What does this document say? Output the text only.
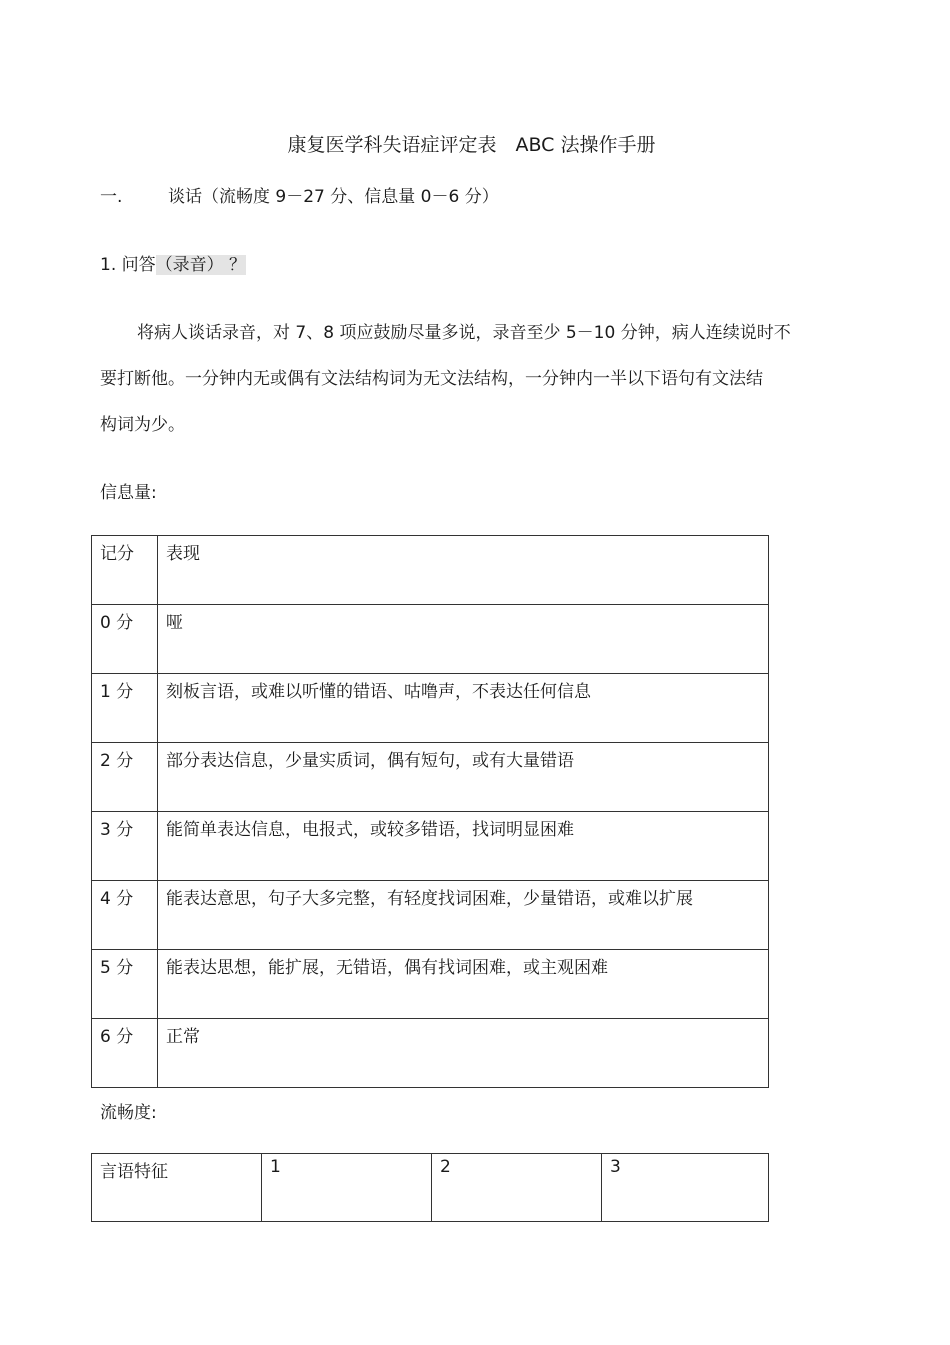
康复医学科失语症评定表　ABC 法操作手册
一.	谈话（流畅度 9－27 分、信息量 0－6 分）
1. 问答（录音） ？
将病人谈话录音，对 7、8 项应鼓励尽量多说，录音至少 5－10 分钟，病人连续说时不
要打断他。一分钟内无或偶有文法结构词为无文法结构，一分钟内一半以下语句有文法结
构词为少。
信息量:
记分	表现
0 分	哑
1 分	刻板言语，或难以听懂的错语、咕噜声，不表达任何信息
2 分	部分表达信息，少量实质词，偶有短句，或有大量错语
3 分	能简单表达信息，电报式，或较多错语，找词明显困难
4 分	能表达意思，句子大多完整，有轻度找词困难，少量错语，或难以扩展
5 分	能表达思想，能扩展，无错语，偶有找词困难，或主观困难
6 分	正常
流畅度:
言语特征	1	2	3
